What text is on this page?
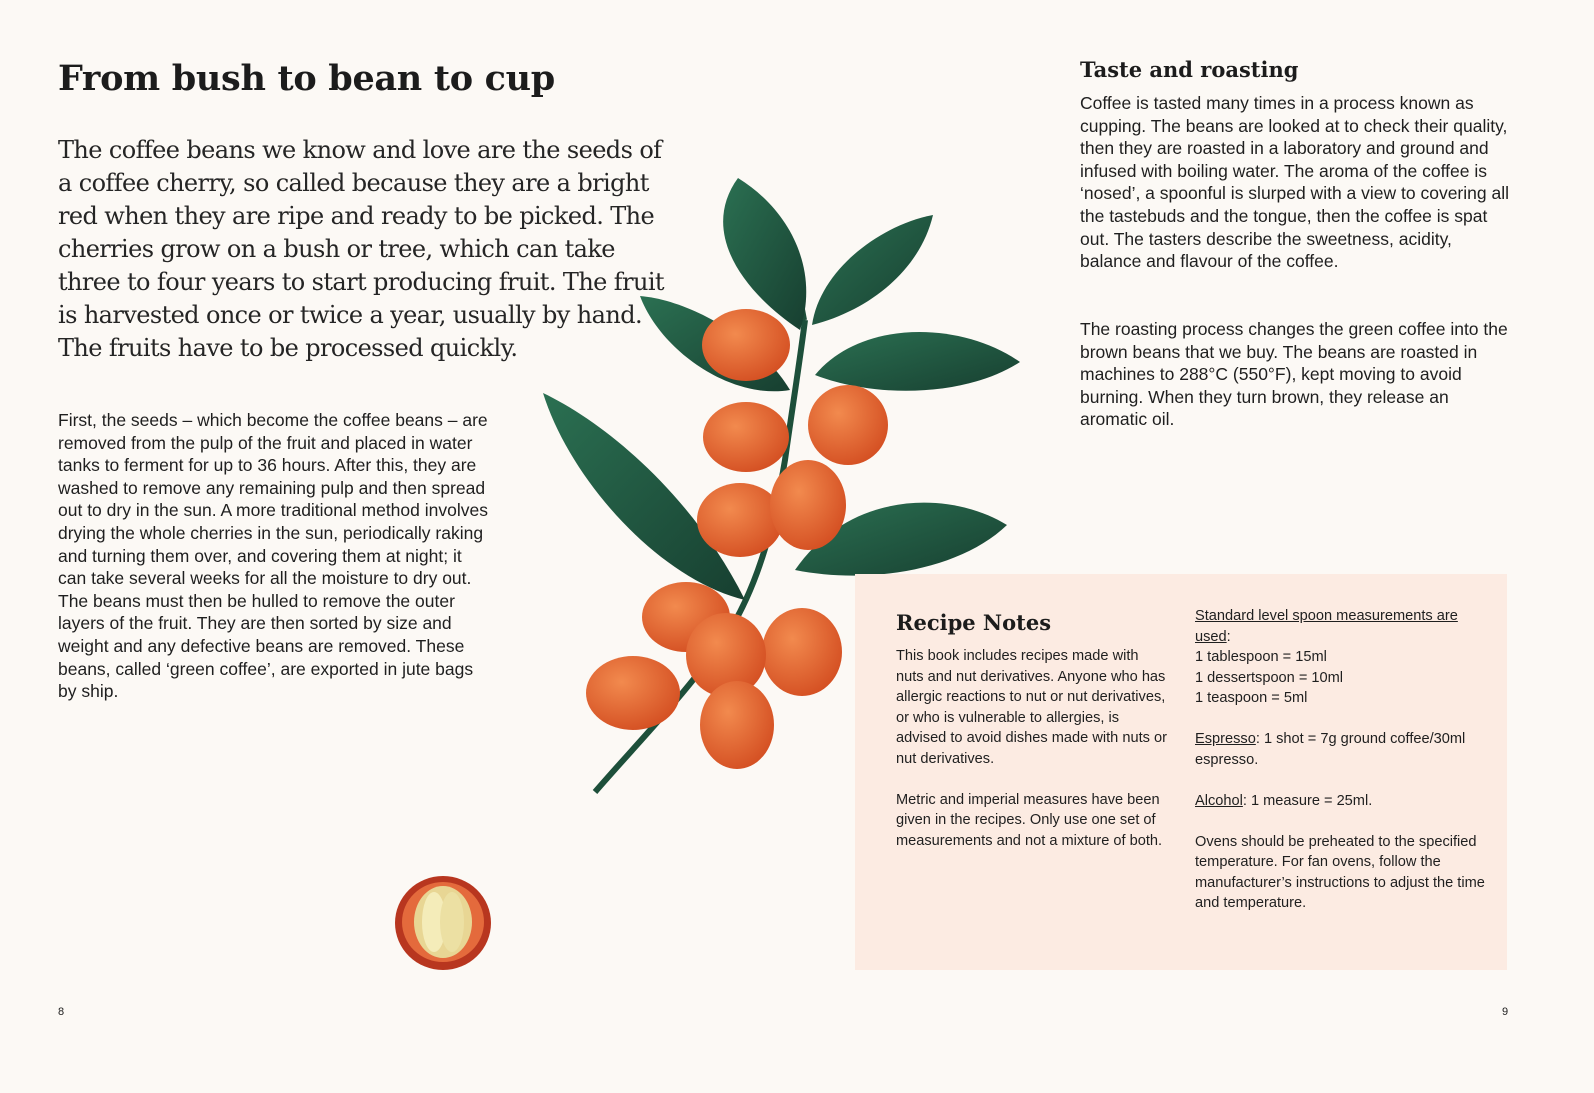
From bush to bean to cup
The coffee beans we know and love are the seeds of a coffee cherry, so called because they are a bright red when they are ripe and ready to be picked. The cherries grow on a bush or tree, which can take three to four years to start producing fruit. The fruit is harvested once or twice a year, usually by hand. The fruits have to be processed quickly.

First, the seeds – which become the coffee beans – are removed from the pulp of the fruit and placed in water tanks to ferment for up to 36 hours. After this, they are washed to remove any remaining pulp and then spread out to dry in the sun. A more traditional method involves drying the whole cherries in the sun, periodically raking and turning them over, and covering them at night; it can take several weeks for all the moisture to dry out. The beans must then be hulled to remove the outer layers of the fruit. They are then sorted by size and weight and any defective beans are removed. These beans, called ‘green coffee’, are exported in jute bags by ship.

Taste and roasting

Coffee is tasted many times in a process known as cupping. The beans are looked at to check their quality, then they are roasted in a laboratory and ground and infused with boiling water. The aroma of the coffee is ‘nosed’, a spoonful is slurped with a view to covering all the tastebuds and the tongue, then the coffee is spat out. The tasters describe the sweetness, acidity, balance and flavour of the coffee.

The roasting process changes the green coffee into the brown beans that we buy. The beans are roasted in machines to 288°C (550°F), kept moving to avoid burning. When they turn brown, they release an aromatic oil.

Recipe Notes

This book includes recipes made with nuts and nut derivatives. Anyone who has allergic reactions to nut or nut derivatives, or who is vulnerable to allergies, is advised to avoid dishes made with nuts or nut derivatives.

Metric and imperial measures have been given in the recipes. Only use one set of measurements and not a mixture of both.

Standard level spoon measurements are used:
1 tablespoon = 15ml
1 dessertspoon = 10ml
1 teaspoon = 5ml

Espresso: 1 shot = 7g ground coffee/30ml espresso.

Alcohol: 1 measure = 25ml.

Ovens should be preheated to the specified temperature. For fan ovens, follow the manufacturer’s instructions to adjust the time and temperature.

8	9
